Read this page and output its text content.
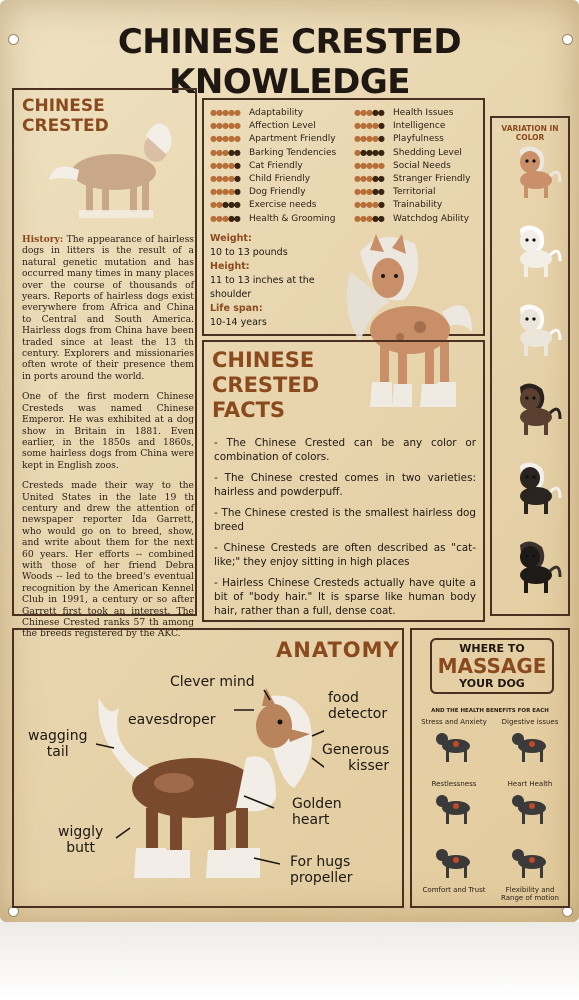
CHINESE CRESTED KNOWLEDGE
CHINESE
CRESTED

History: The appearance of hairless dogs in litters is the result of a natural genetic mutation and has occurred many times in many places over the course of thousands of years. Reports of hairless dogs exist everywhere from Africa and China to Central and South America. Hairless dogs from China have been traded since at least the 13 th century. Explorers and missionaries often wrote of their presence them in ports around the world.

One of the first modern Chinese Cresteds was named Chinese Emperor. He was exhibited at a dog show in Britain in 1881. Even earlier, in the 1850s and 1860s, some hairless dogs from China were kept in English zoos.

Cresteds made their way to the United States in the late 19 th century and drew the attention of newspaper reporter Ida Garrett, who would go on to breed, show, and write about them for the next 60 years. Her efforts -- combined with those of her friend Debra Woods -- led to the breed's eventual recognition by the American Kennel Club in 1991, a century or so after Garrett first took an interest. The Chinese Crested ranks 57 th among the breeds registered by the AKC.

●●●●● Adaptability
●●●●● Affection Level
●●●●● Apartment Friendly
●●●●● Barking Tendencies
●●●●● Cat Friendly
●●●●● Child Friendly
●●●●● Dog Friendly
●●●●● Exercise needs
●●●●● Health & Grooming
●●●●● Health Issues
●●●●● Intelligence
●●●●● Playfulness
●●●●● Shedding Level
●●●●● Social Needs
●●●●● Stranger Friendly
●●●●● Territorial
●●●●● Trainability
●●●●● Watchdog Ability
Weight:
10 to 13 pounds
Height:
11 to 13 inches at the shoulder
Life span:
10-14 years
CHINESE
CRESTED
FACTS
- The Chinese Crested can be any color or combination of colors.
- The Chinese crested comes in two varieties: hairless and powderpuff.
- The Chinese crested is the smallest hairless dog breed
- Chinese Cresteds are often described as "cat-like;" they enjoy sitting in high places
- Hairless Chinese Cresteds actually have quite a bit of "body hair." It is sparse like human body hair, rather than a full, dense coat.
VARIATION IN COLOR
ANATOMY
Clever mind
food
detector
eavesdroper
wagging
tail	Generous
kisser
Golden
heart
wiggly
butt
For hugs
propeller
WHERE TO
MASSAGE
YOUR DOG
AND THE HEALTH BENEFITS FOR EACH
Stress and Anxiety	Digestive issues
Restlessness	Heart Health
Comfort and Trust	Flexibility and Range of motion
